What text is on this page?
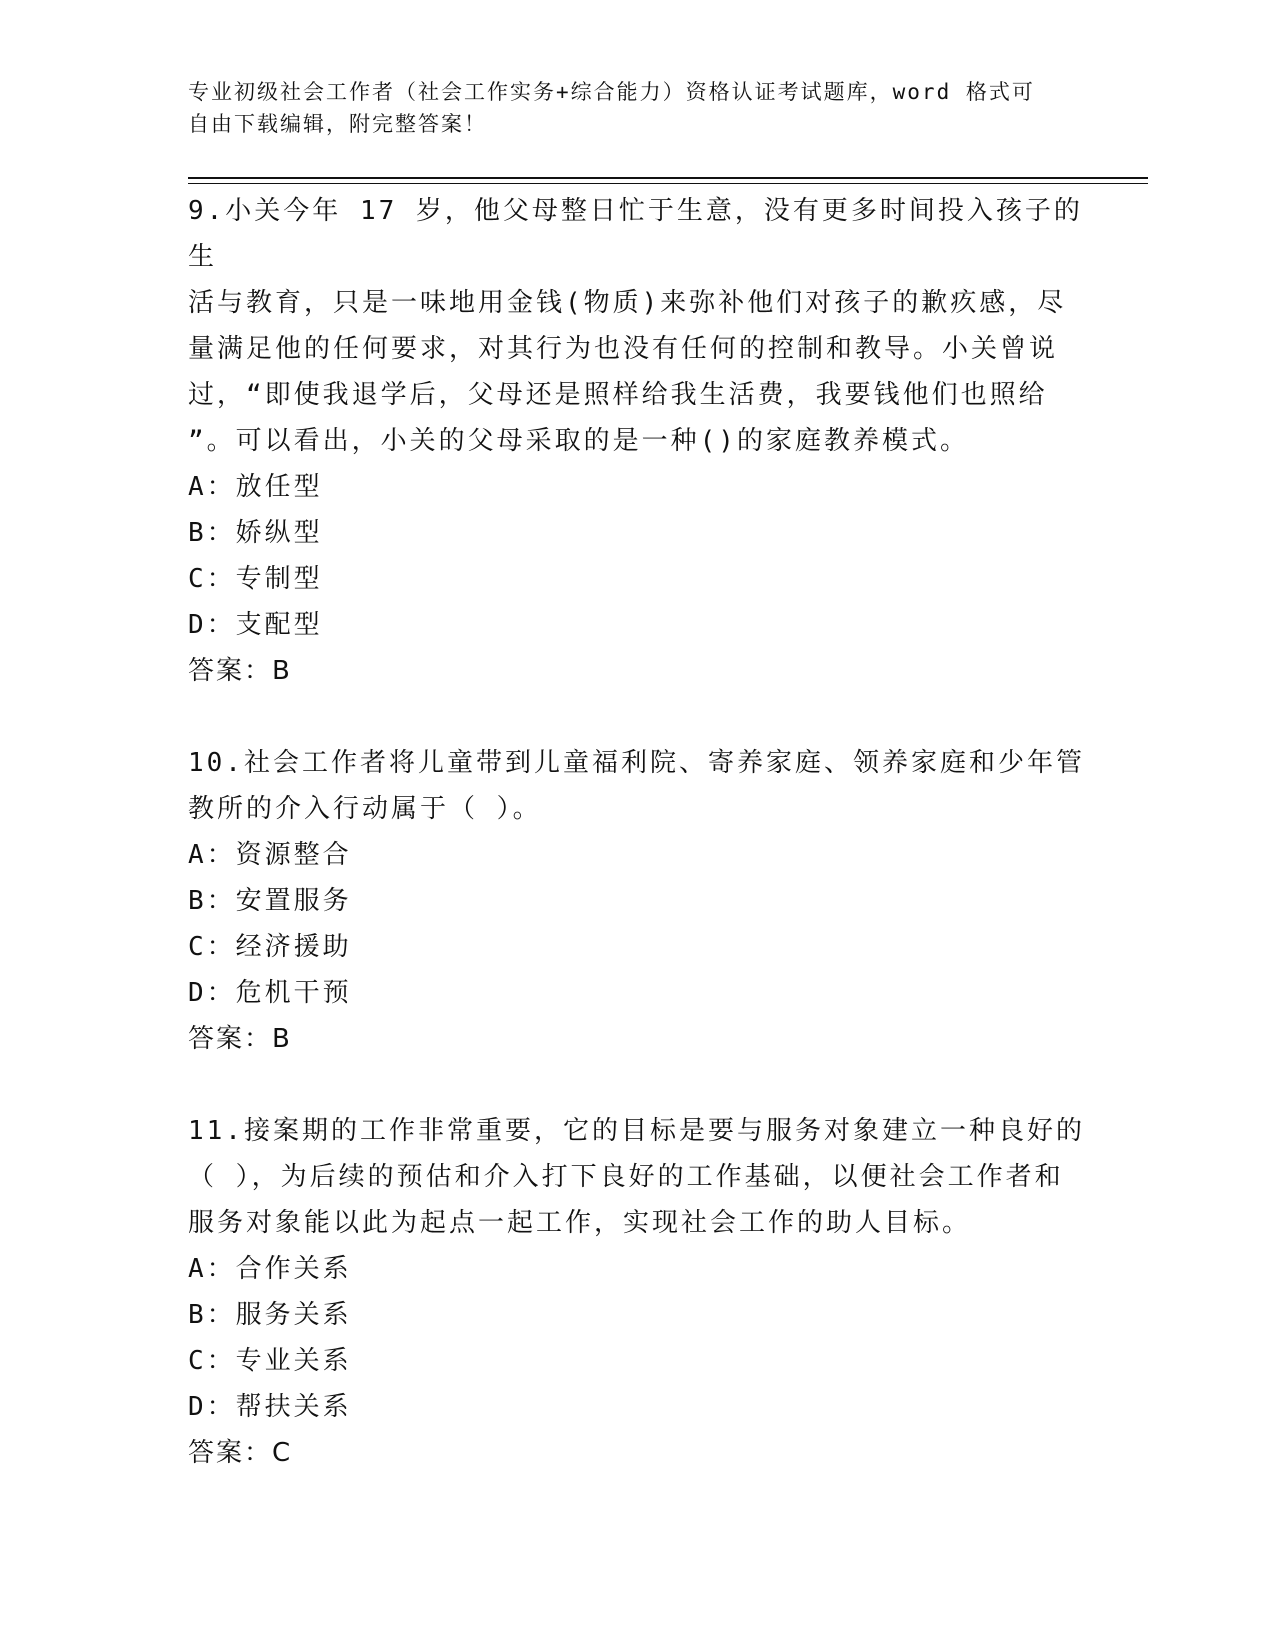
专业初级社会工作者（社会工作实务+综合能力）资格认证考试题库，word 格式可
自由下载编辑，附完整答案！
9.小关今年 17 岁，他父母整日忙于生意，没有更多时间投入孩子的生
活与教育，只是一味地用金钱(物质)来弥补他们对孩子的歉疚感，尽
量满足他的任何要求，对其行为也没有任何的控制和教导。小关曾说
过，“即使我退学后，父母还是照样给我生活费，我要钱他们也照给
”。可以看出，小关的父母采取的是一种()的家庭教养模式。
A：放任型
B：娇纵型
C：专制型
D：支配型
答案：B
10.社会工作者将儿童带到儿童福利院、寄养家庭、领养家庭和少年管
教所的介入行动属于（ ）。
A：资源整合
B：安置服务
C：经济援助
D：危机干预
答案：B
11.接案期的工作非常重要，它的目标是要与服务对象建立一种良好的
（ ），为后续的预估和介入打下良好的工作基础，以便社会工作者和
服务对象能以此为起点一起工作，实现社会工作的助人目标。
A：合作关系
B：服务关系
C：专业关系
D：帮扶关系
答案：C
